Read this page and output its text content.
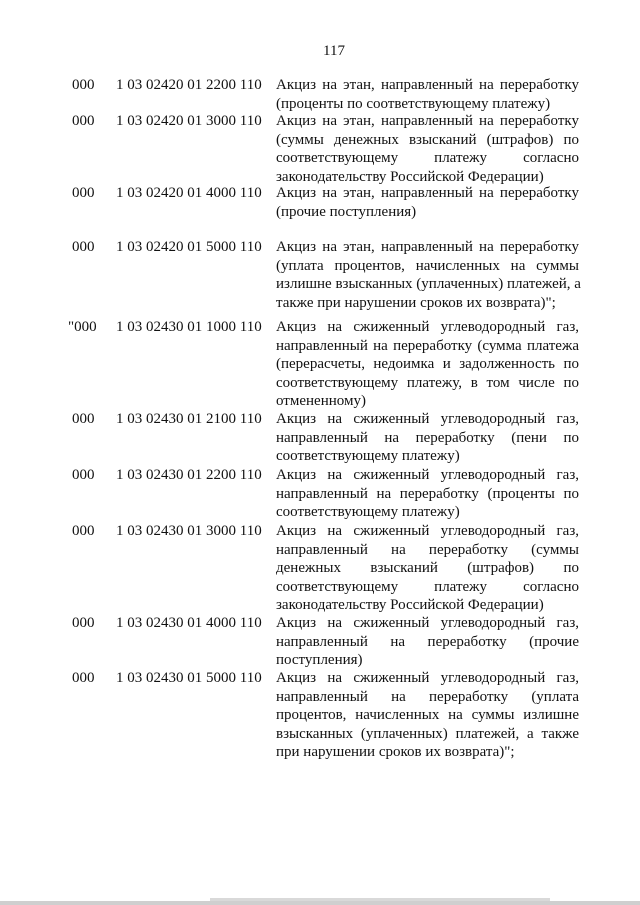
117
000 1 03 02420 01 2200 110 Акциз на этан, направленный на переработку
(проценты по соответствующему платежу)
000 1 03 02420 01 3000 110 Акциз на этан, направленный на переработку
(суммы денежных взысканий (штрафов) по
соответствующему платежу согласно
законодательству Российской Федерации)
000 1 03 02420 01 4000 110 Акциз на этан, направленный на переработку
(прочие поступления)
000 1 03 02420 01 5000 110 Акциз на этан, направленный на переработку
(уплата процентов, начисленных на суммы
излишне взысканных (уплаченных) платежей, а
также при нарушении сроков их возврата)";
"000 1 03 02430 01 1000 110 Акциз на сжиженный углеводородный газ,
направленный на переработку (сумма платежа
(перерасчеты, недоимка и задолженность по
соответствующему платежу, в том числе по
отмененному)
000 1 03 02430 01 2100 110 Акциз на сжиженный углеводородный газ,
направленный на переработку (пени по
соответствующему платежу)
000 1 03 02430 01 2200 110 Акциз на сжиженный углеводородный газ,
направленный на переработку (проценты по
соответствующему платежу)
000 1 03 02430 01 3000 110 Акциз на сжиженный углеводородный газ,
направленный на переработку (суммы
денежных взысканий (штрафов) по
соответствующему платежу согласно
законодательству Российской Федерации)
000 1 03 02430 01 4000 110 Акциз на сжиженный углеводородный газ,
направленный на переработку (прочие
поступления)
000 1 03 02430 01 5000 110 Акциз на сжиженный углеводородный газ,
направленный на переработку (уплата
процентов, начисленных на суммы излишне
взысканных (уплаченных) платежей, а также
при нарушении сроков их возврата)";
